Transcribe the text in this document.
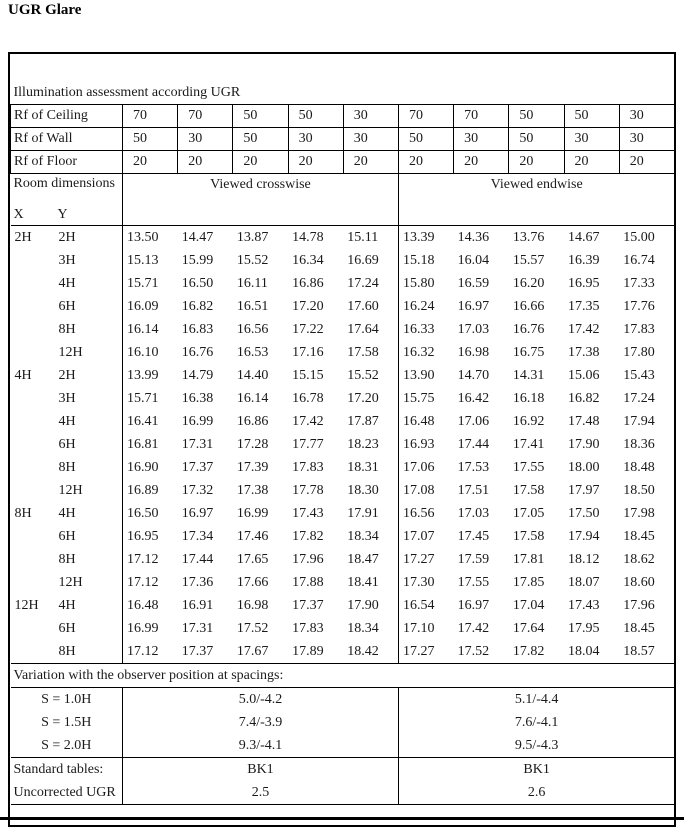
UGR Glare
Illumination assessment according UGR											
Rf of Ceiling		70	70	50	50	30	70	70	50	50	30
Rf of Wall		50	30	50	30	30	50	30	50	30	30
Rf of Floor		20	20	20	20	20	20	20	20	20	20

Room dimensions
X Y		Viewed crosswise					Viewed endwise				
2H	2H	13.50	14.47	13.87	14.78	15.11	13.39	14.36	13.76	14.67	15.00
	3H	15.13	15.99	15.52	16.34	16.69	15.18	16.04	15.57	16.39	16.74
	4H	15.71	16.50	16.11	16.86	17.24	15.80	16.59	16.20	16.95	17.33
	6H	16.09	16.82	16.51	17.20	17.60	16.24	16.97	16.66	17.35	17.76
	8H	16.14	16.83	16.56	17.22	17.64	16.33	17.03	16.76	17.42	17.83
	12H	16.10	16.76	16.53	17.16	17.58	16.32	16.98	16.75	17.38	17.80
4H	2H	13.99	14.79	14.40	15.15	15.52	13.90	14.70	14.31	15.06	15.43
	3H	15.71	16.38	16.14	16.78	17.20	15.75	16.42	16.18	16.82	17.24
	4H	16.41	16.99	16.86	17.42	17.87	16.48	17.06	16.92	17.48	17.94
	6H	16.81	17.31	17.28	17.77	18.23	16.93	17.44	17.41	17.90	18.36
	8H	16.90	17.37	17.39	17.83	18.31	17.06	17.53	17.55	18.00	18.48
	12H	16.89	17.32	17.38	17.78	18.30	17.08	17.51	17.58	17.97	18.50
8H	4H	16.50	16.97	16.99	17.43	17.91	16.56	17.03	17.05	17.50	17.98
	6H	16.95	17.34	17.46	17.82	18.34	17.07	17.45	17.58	17.94	18.45
	8H	17.12	17.44	17.65	17.96	18.47	17.27	17.59	17.81	18.12	18.62
	12H	17.12	17.36	17.66	17.88	18.41	17.30	17.55	17.85	18.07	18.60
12H	4H	16.48	16.91	16.98	17.37	17.90	16.54	16.97	17.04	17.43	17.96
	6H	16.99	17.31	17.52	17.83	18.34	17.10	17.42	17.64	17.95	18.45
	8H	17.12	17.37	17.67	17.89	18.42	17.27	17.52	17.82	18.04	18.57
Variation with the observer position at spacings:											
S = 1.0H		5.0/-4.2					5.1/-4.4				
S = 1.5H		7.4/-3.9					7.6/-4.1				
S = 2.0H		9.3/-4.1					9.5/-4.3				
Standard tables:		BK1					BK1				
Uncorrected UGR		2.5					2.6				
